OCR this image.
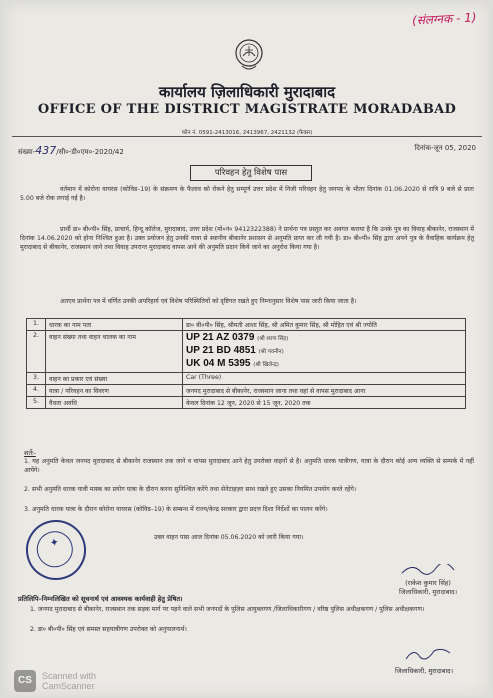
(संलग्नक - 1)
कार्यालय ज़िलाधिकारी मुरादाबाद
OFFICE OF THE DISTRICT MAGISTRATE MORADABAD
फोन नं. 0591-2413016, 2413967, 2421132 (फैक्स)
संख्या-437/सी०-डी०एम०-2020/42	दिनांक-जून 05, 2020
परिवहन हेतु विशेष पास
वर्तमान में कोरोना वायरस (कोविड–19) के संक्रमण के फैलाव को रोकने हेतु सम्पूर्ण उत्तर प्रदेश में निजी परिवहन हेतु जनपद के भीतर दिनांक 01.06.2020 से रात्रि 9 बजे से प्रातः 5.00 बजे रोक लगाई गई है।
प्रार्थी डा० बी०पी० सिंह, प्राचार्य, हिन्दू कॉलेज, मुरादाबाद, उत्तर प्रदेश (मो०नं० 9412322388) ने प्रार्थना पत्र प्रस्तुत कर अवगत कराया है कि उनके पुत्र का विवाह बीकानेर, राजस्थान में दिनांक 14.06.2020 को होना निश्चित हुआ है। उक्त प्रयोजन हेतु उनकी यात्रा से स्थानीय बीकानेर प्रशासन से अनुमति प्राप्त कर ली गयी है। डा० बी०पी० सिंह द्वारा अपने पुत्र के वैवाहिक कार्यक्रम हेतु मुरादाबाद से बीकानेर, राजस्थान जाने तथा विवाह उपरान्त मुरादाबाद वापस आने की अनुमति प्रदान किये जाने का अनुरोध किया गया है।
अतएव प्रार्थना पत्र में वर्णित उनकी अपरिहार्य एवं विशेष परिस्थितियों को दृष्टिगत रखते हुए निम्नानुसार विशेष पास जारी किया जाता है।
1.	धारक का नाम पता	डा० बी०पी० सिंह, श्रीमती आशा सिंह, श्री अमित कुमार सिंह, श्री मोहित एवं श्री ज्योति
2.	वाहन संख्या तथा वाहन चालक का नाम	UP 21 AZ 0379 (श्री शरण सिंह)
UP 21 BD 4851 (श्री पवनीन)
UK 04 M 5395 (श्री खिलेन्द्र)

3.	वाहन का प्रकार एवं संख्या	Car (Three)
4.	यात्रा / परिवहन का विवरण	जनपद मुरादाबाद से बीकानेर, राजस्थान जाना तथा वहां से वापस मुरादाबाद आना
5.	वैधता अवधि	केवल दिनांक 12 जून, 2020 से 15 जून, 2020 तक
शर्तेः-
1. यह अनुमति केवल जनपद मुरादाबाद से बीकानेर राजस्थान तक जाने व वापस मुरादाबाद आने हेतु उपरोक्त वाहनों से है। अनुमति धारक यात्रीगण, यात्रा के दौरान कोई अन्य व्यक्ति से सम्पर्क में नहीं आयेंगे।
2. सभी अनुमति धारक यात्री मास्क का प्रयोग यात्रा के दौरान करना सुनिश्चित करेंगे तथा सेनेटाइज़र साथ रखते हुए उसका नियमित उपयोग करते रहेंगे।
3. अनुमति धारक यात्रा के दौरान कोरोना वायरस (कोविड–19) के सम्बन्ध में राज्य/केन्द्र सरकार द्वारा प्रदत्त दिशा निर्देशों का पालन करेंगे।
उक्त वाहन पास आज दिनांक 05.06.2020 को जारी किया गया।
✦
(राकेश कुमार सिंह)
जिलाधिकारी, मुरादाबाद।
प्रतिलिपि–निम्नलिखित को सूचनार्थ एवं आवश्यक कार्यवाही हेतु प्रेषित।
1. जनपद मुरादाबाद से बीकानेर, राजस्थान तक सड़क मार्ग पर पड़ने वाले सभी जनपदों के पुलिस आयुक्तगण /जिलाधिकारीगण / वरिष्ठ पुलिस अधीक्षकगण / पुलिस अधीक्षकगण।
2. डा० बी०पी० सिंह एवं समस्त सहयात्रीगण उपरोक्त को अनुपालनार्थ।
जिलाधिकारी, मुरादाबाद।
CS	Scanned with
CamScanner
